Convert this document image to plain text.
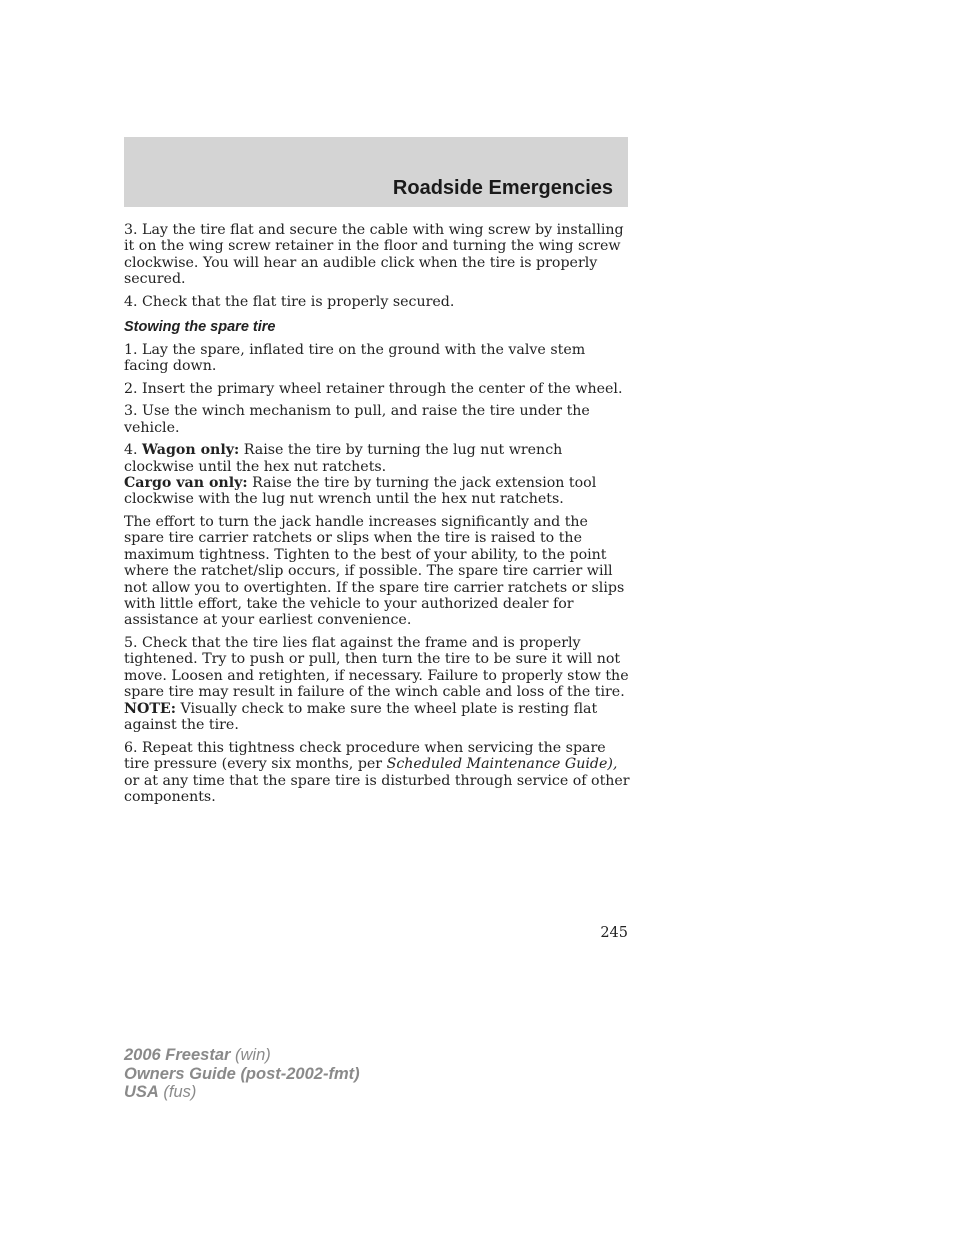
Roadside Emergencies

3. Lay the tire flat and secure the cable with wing screw by installing it on the wing screw retainer in the floor and turning the wing screw clockwise. You will hear an audible click when the tire is properly secured.

4. Check that the flat tire is properly secured.

Stowing the spare tire

1. Lay the spare, inflated tire on the ground with the valve stem facing down.

2. Insert the primary wheel retainer through the center of the wheel.

3. Use the winch mechanism to pull, and raise the tire under the vehicle.

4. Wagon only: Raise the tire by turning the lug nut wrench clockwise until the hex nut ratchets.
Cargo van only: Raise the tire by turning the jack extension tool clockwise with the lug nut wrench until the hex nut ratchets.

The effort to turn the jack handle increases significantly and the spare tire carrier ratchets or slips when the tire is raised to the maximum tightness. Tighten to the best of your ability, to the point where the ratchet/slip occurs, if possible. The spare tire carrier will not allow you to overtighten. If the spare tire carrier ratchets or slips with little effort, take the vehicle to your authorized dealer for assistance at your earliest convenience.

5. Check that the tire lies flat against the frame and is properly tightened. Try to push or pull, then turn the tire to be sure it will not move. Loosen and retighten, if necessary. Failure to properly stow the spare tire may result in failure of the winch cable and loss of the tire.
NOTE: Visually check to make sure the wheel plate is resting flat against the tire.

6. Repeat this tightness check procedure when servicing the spare tire pressure (every six months, per Scheduled Maintenance Guide), or at any time that the spare tire is disturbed through service of other components.

245
2006 Freestar (win)
Owners Guide (post-2002-fmt)
USA (fus)
